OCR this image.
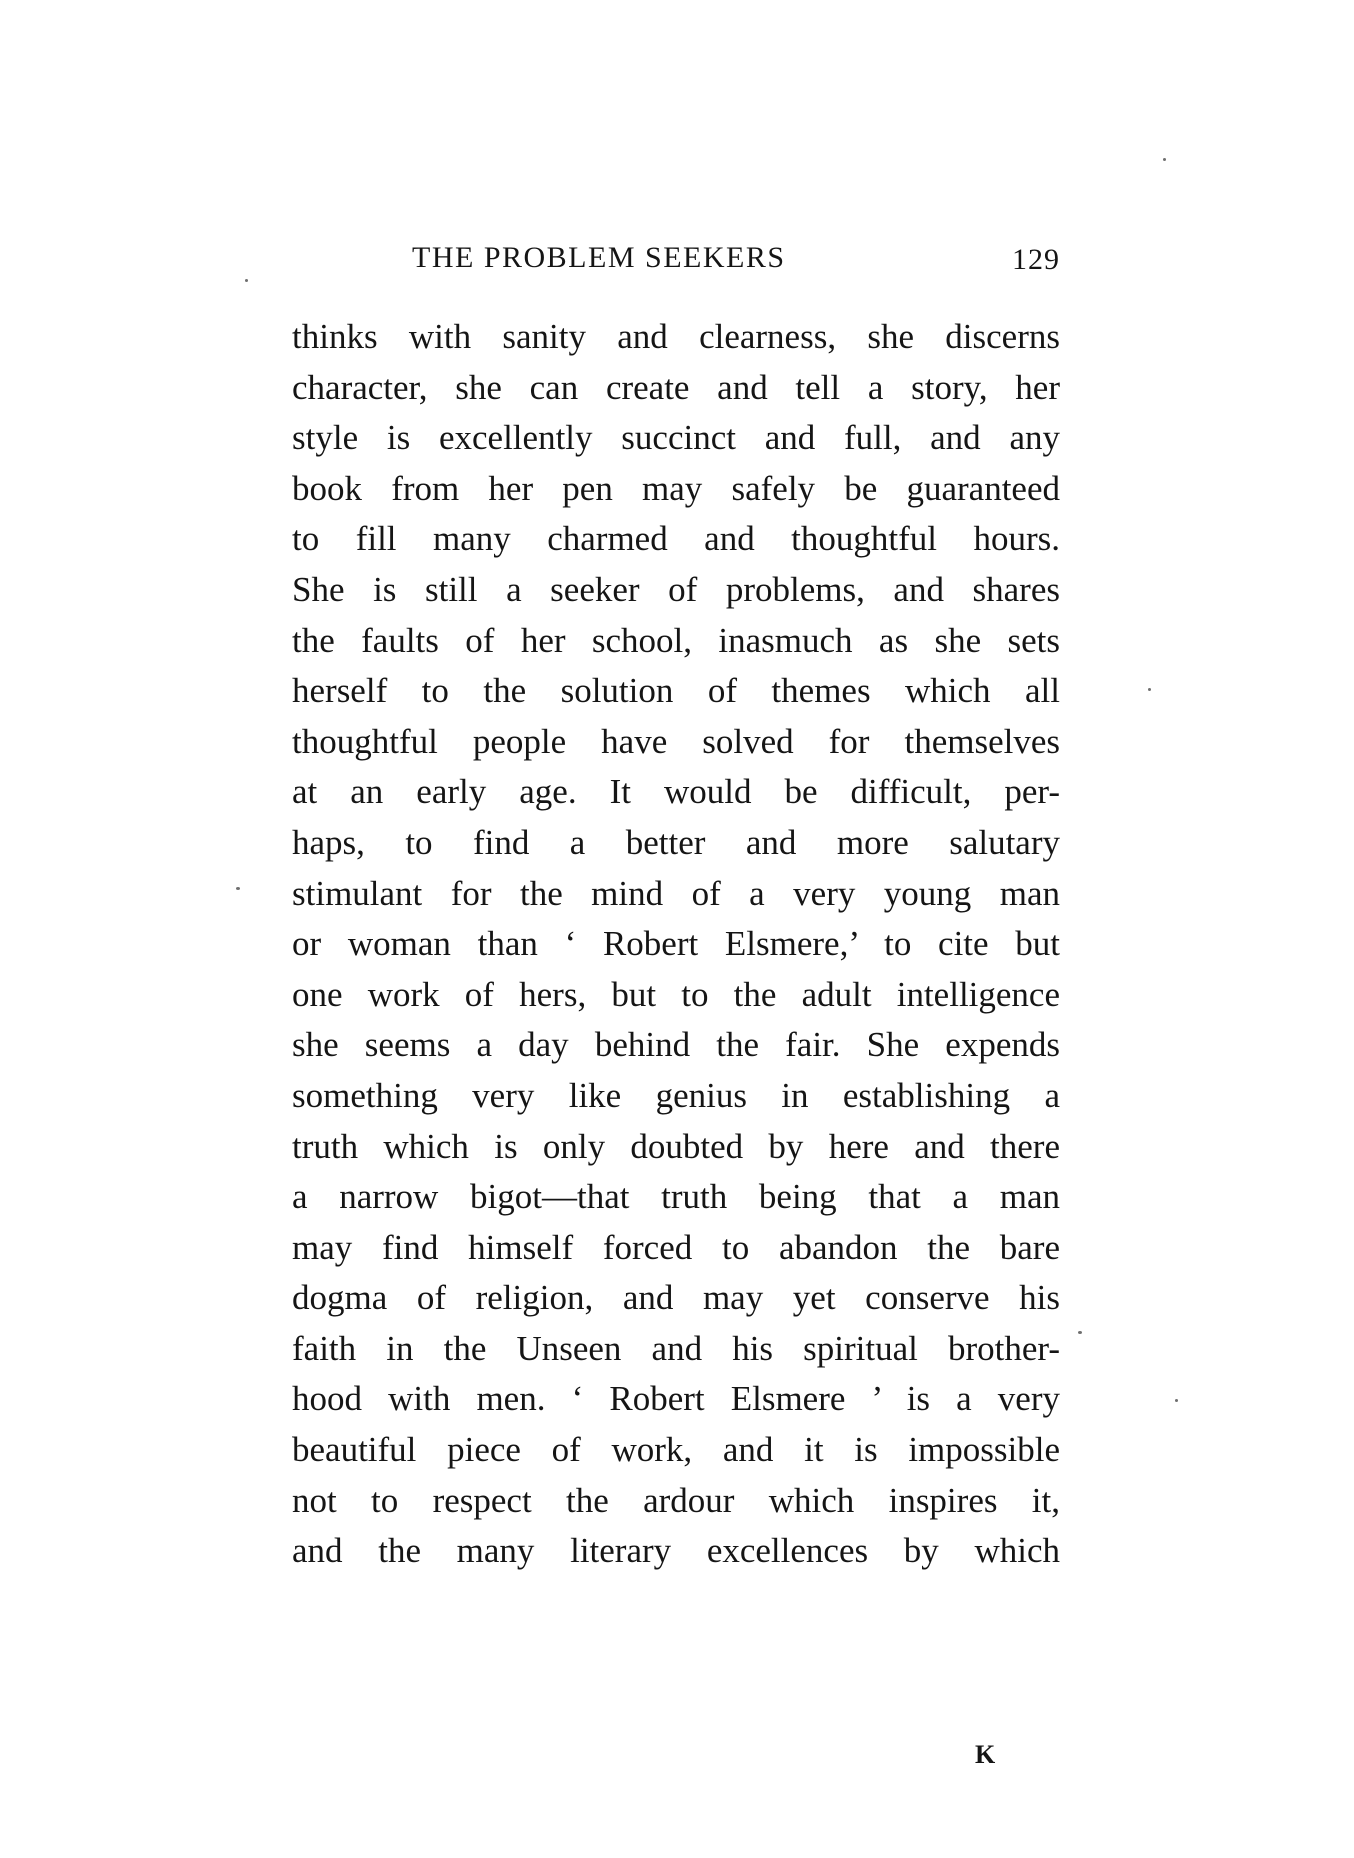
THE PROBLEM SEEKERS	129
thinks with sanity and clearness, she discerns
character, she can create and tell a story, her
style is excellently succinct and full, and any
book from her pen may safely be guaranteed
to fill many charmed and thoughtful hours.
She is still a seeker of problems, and shares
the faults of her school, inasmuch as she sets
herself to the solution of themes which all
thoughtful people have solved for themselves
at an early age. It would be difficult, per-
haps, to find a better and more salutary
stimulant for the mind of a very young man
or woman than ‘ Robert Elsmere,’ to cite but
one work of hers, but to the adult intelligence
she seems a day behind the fair. She expends
something very like genius in establishing a
truth which is only doubted by here and there
a narrow bigot—that truth being that a man
may find himself forced to abandon the bare
dogma of religion, and may yet conserve his
faith in the Unseen and his spiritual brother-
hood with men. ‘ Robert Elsmere ’ is a very
beautiful piece of work, and it is impossible
not to respect the ardour which inspires it,
and the many literary excellences by which
K
